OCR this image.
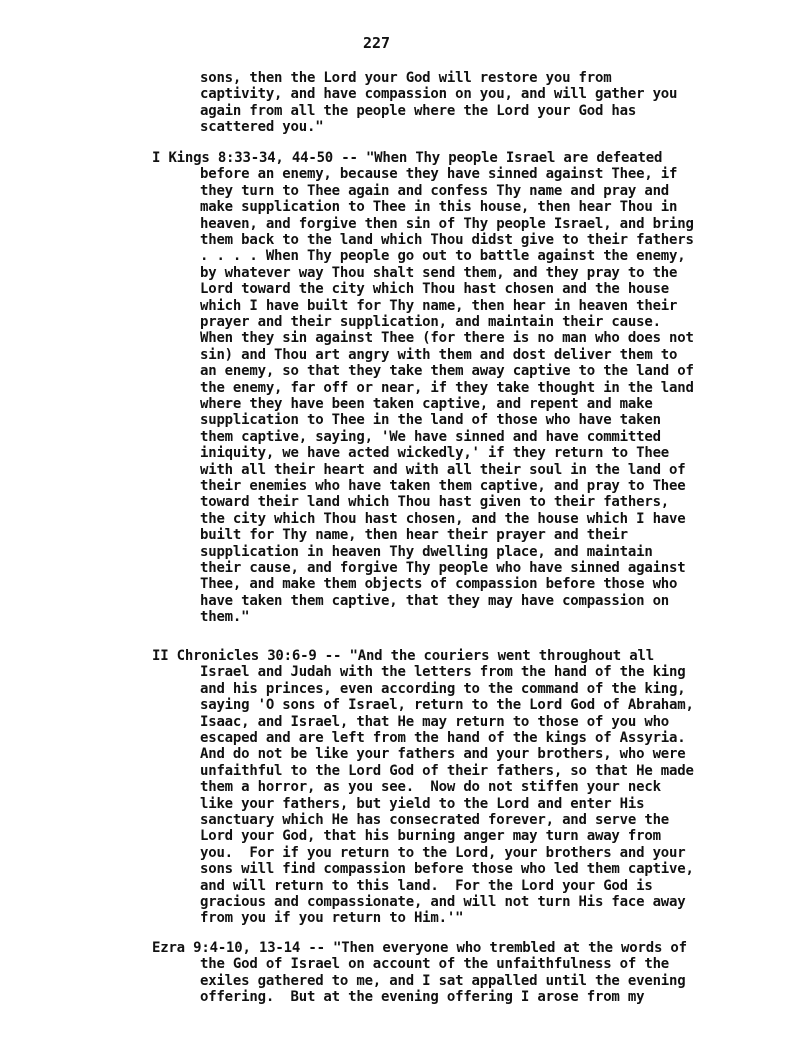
227
sons, then the Lord your God will restore you from
captivity, and have compassion on you, and will gather you
again from all the people where the Lord your God has
scattered you."
I Kings 8:33-34, 44-50 -- "When Thy people Israel are defeated
before an enemy, because they have sinned against Thee, if
they turn to Thee again and confess Thy name and pray and
make supplication to Thee in this house, then hear Thou in
heaven, and forgive then sin of Thy people Israel, and bring
them back to the land which Thou didst give to their fathers
. . . . When Thy people go out to battle against the enemy,
by whatever way Thou shalt send them, and they pray to the
Lord toward the city which Thou hast chosen and the house
which I have built for Thy name, then hear in heaven their
prayer and their supplication, and maintain their cause.
When they sin against Thee (for there is no man who does not
sin) and Thou art angry with them and dost deliver them to
an enemy, so that they take them away captive to the land of
the enemy, far off or near, if they take thought in the land
where they have been taken captive, and repent and make
supplication to Thee in the land of those who have taken
them captive, saying, 'We have sinned and have committed
iniquity, we have acted wickedly,' if they return to Thee
with all their heart and with all their soul in the land of
their enemies who have taken them captive, and pray to Thee
toward their land which Thou hast given to their fathers,
the city which Thou hast chosen, and the house which I have
built for Thy name, then hear their prayer and their
supplication in heaven Thy dwelling place, and maintain
their cause, and forgive Thy people who have sinned against
Thee, and make them objects of compassion before those who
have taken them captive, that they may have compassion on
them."
II Chronicles 30:6-9 -- "And the couriers went throughout all
Israel and Judah with the letters from the hand of the king
and his princes, even according to the command of the king,
saying 'O sons of Israel, return to the Lord God of Abraham,
Isaac, and Israel, that He may return to those of you who
escaped and are left from the hand of the kings of Assyria.
And do not be like your fathers and your brothers, who were
unfaithful to the Lord God of their fathers, so that He made
them a horror, as you see.  Now do not stiffen your neck
like your fathers, but yield to the Lord and enter His
sanctuary which He has consecrated forever, and serve the
Lord your God, that his burning anger may turn away from
you.  For if you return to the Lord, your brothers and your
sons will find compassion before those who led them captive,
and will return to this land.  For the Lord your God is
gracious and compassionate, and will not turn His face away
from you if you return to Him.'"
Ezra 9:4-10, 13-14 -- "Then everyone who trembled at the words of
the God of Israel on account of the unfaithfulness of the
exiles gathered to me, and I sat appalled until the evening
offering.  But at the evening offering I arose from my
